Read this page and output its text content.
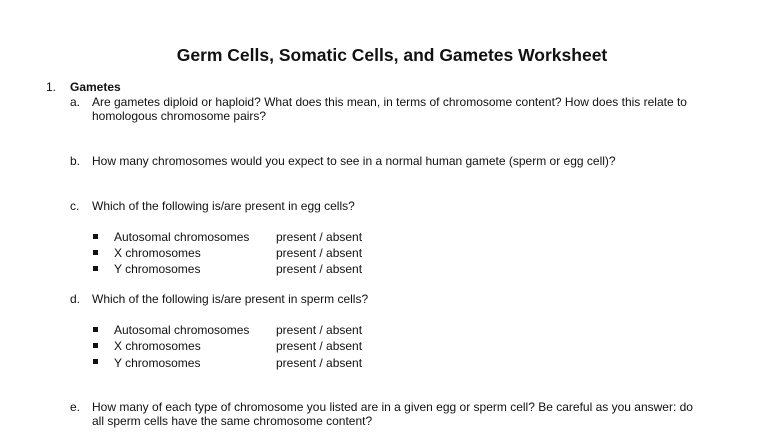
Germ Cells, Somatic Cells, and Gametes Worksheet
1. Gametes
a. Are gametes diploid or haploid? What does this mean, in terms of chromosome content? How does this relate to
homologous chromosome pairs?
b. How many chromosomes would you expect to see in a normal human gamete (sperm or egg cell)?
c. Which of the following is/are present in egg cells?
Autosomal chromosomes present / absent
X chromosomes	present / absent
Y chromosomes	present / absent
d. Which of the following is/are present in sperm cells?
Autosomal chromosomes present / absent
X chromosomes	present / absent
Y chromosomes	present / absent
e. How many of each type of chromosome you listed are in a given egg or sperm cell? Be careful as you answer: do
all sperm cells have the same chromosome content?
